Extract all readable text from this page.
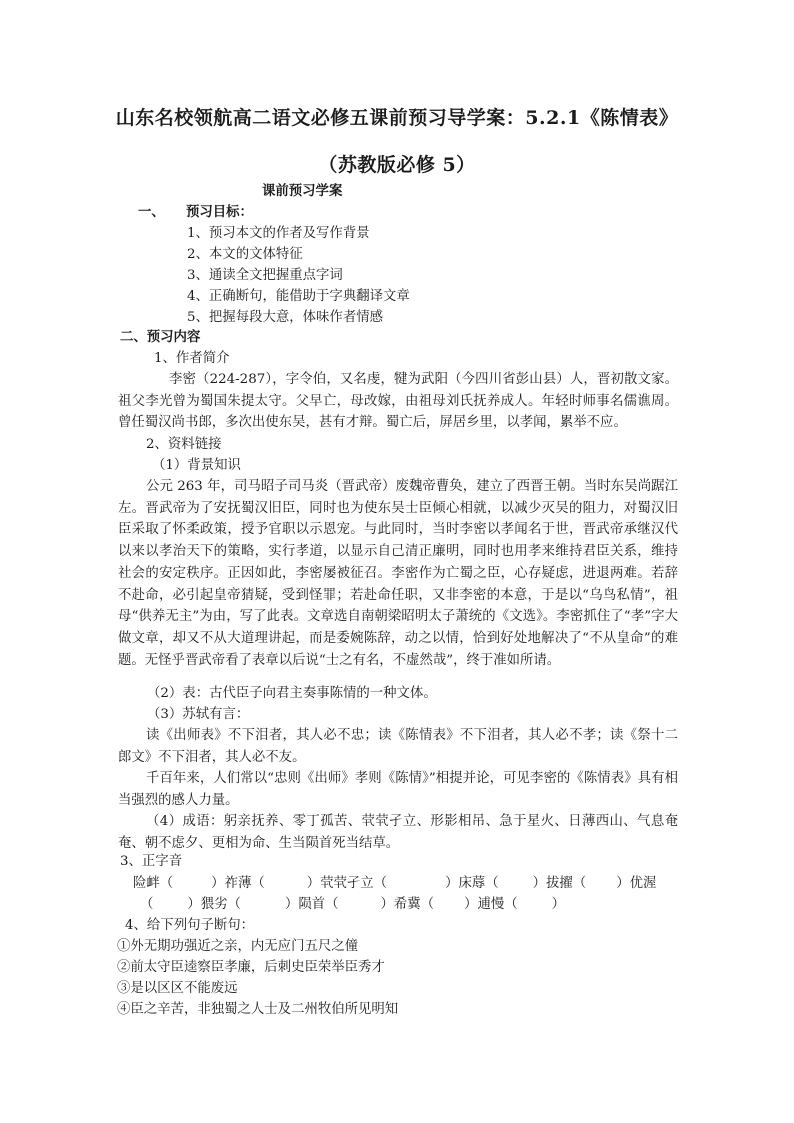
山东名校领航高二语文必修五课前预习导学案：5.2.1《陈情表》
（苏教版必修 5）
课前预习学案
一、 预习目标：
1、预习本文的作者及写作背景
2、本文的文体特征
3、通读全文把握重点字词
4、正确断句，能借助于字典翻译文章
5、把握每段大意，体味作者情感
二、预习内容
1、作者简介
李密（224-287），字令伯，又名虔，犍为武阳（今四川省彭山县）人，晋初散文家。祖父李光曾为蜀国朱提太守。父早亡，母改嫁，由祖母刘氏抚养成人。年轻时师事名儒谯周。曾任蜀汉尚书郎，多次出使东吴，甚有才辩。蜀亡后，屏居乡里，以孝闻，累举不应。
2、资料链接
（1）背景知识
公元 263 年，司马昭子司马炎（晋武帝）废魏帝曹奂，建立了西晋王朝。当时东吴尚踞江左。晋武帝为了安抚蜀汉旧臣，同时也为使东吴士臣倾心相就，以减少灭吴的阻力，对蜀汉旧臣采取了怀柔政策，授予官职以示恩宠。与此同时，当时李密以孝闻名于世，晋武帝承继汉代以来以孝治天下的策略，实行孝道，以显示自己清正廉明，同时也用孝来维持君臣关系，维持社会的安定秩序。正因如此，李密屡被征召。李密作为亡蜀之臣，心存疑虑，进退两难。若辞不赴命，必引起皇帝猜疑，受到怪罪；若赴命任职，又非李密的本意，于是以“乌鸟私情”，祖母“供养无主”为由，写了此表。文章选自南朝梁昭明太子萧统的《文选》。李密抓住了“孝”字大做文章，却又不从大道理讲起，而是委婉陈辞，动之以情，恰到好处地解决了“不从皇命”的难题。无怪乎晋武帝看了表章以后说“士之有名，不虚然哉”，终于准如所请。
（2）表：古代臣子向君主奏事陈情的一种文体。
（3）苏轼有言：
读《出师表》不下泪者，其人必不忠；读《陈情表》不下泪者，其人必不孝；读《祭十二郎文》不下泪者，其人必不友。
千百年来，人们常以“忠则《出师》孝则《陈情》”相提并论，可见李密的《陈情表》具有相当强烈的感人力量。
（4）成语：躬亲抚养、零丁孤苦、茕茕孑立、形影相吊、急于星火、日薄西山、气息奄奄、朝不虑夕、更相为命、生当陨首死当结草。
3、正字音
险衅（	）祚薄（	）茕茕孑立（	）床蓐（	）拔擢（ ）优渥
（	）猥劣（	）陨首（	）希冀（ ）逋慢（	）
4、给下列句子断句：
①外无期功强近之亲，内无应门五尺之僮
②前太守臣逵察臣孝廉，后刺史臣荣举臣秀才
③是以区区不能废远
④臣之辛苦，非独蜀之人士及二州牧伯所见明知
